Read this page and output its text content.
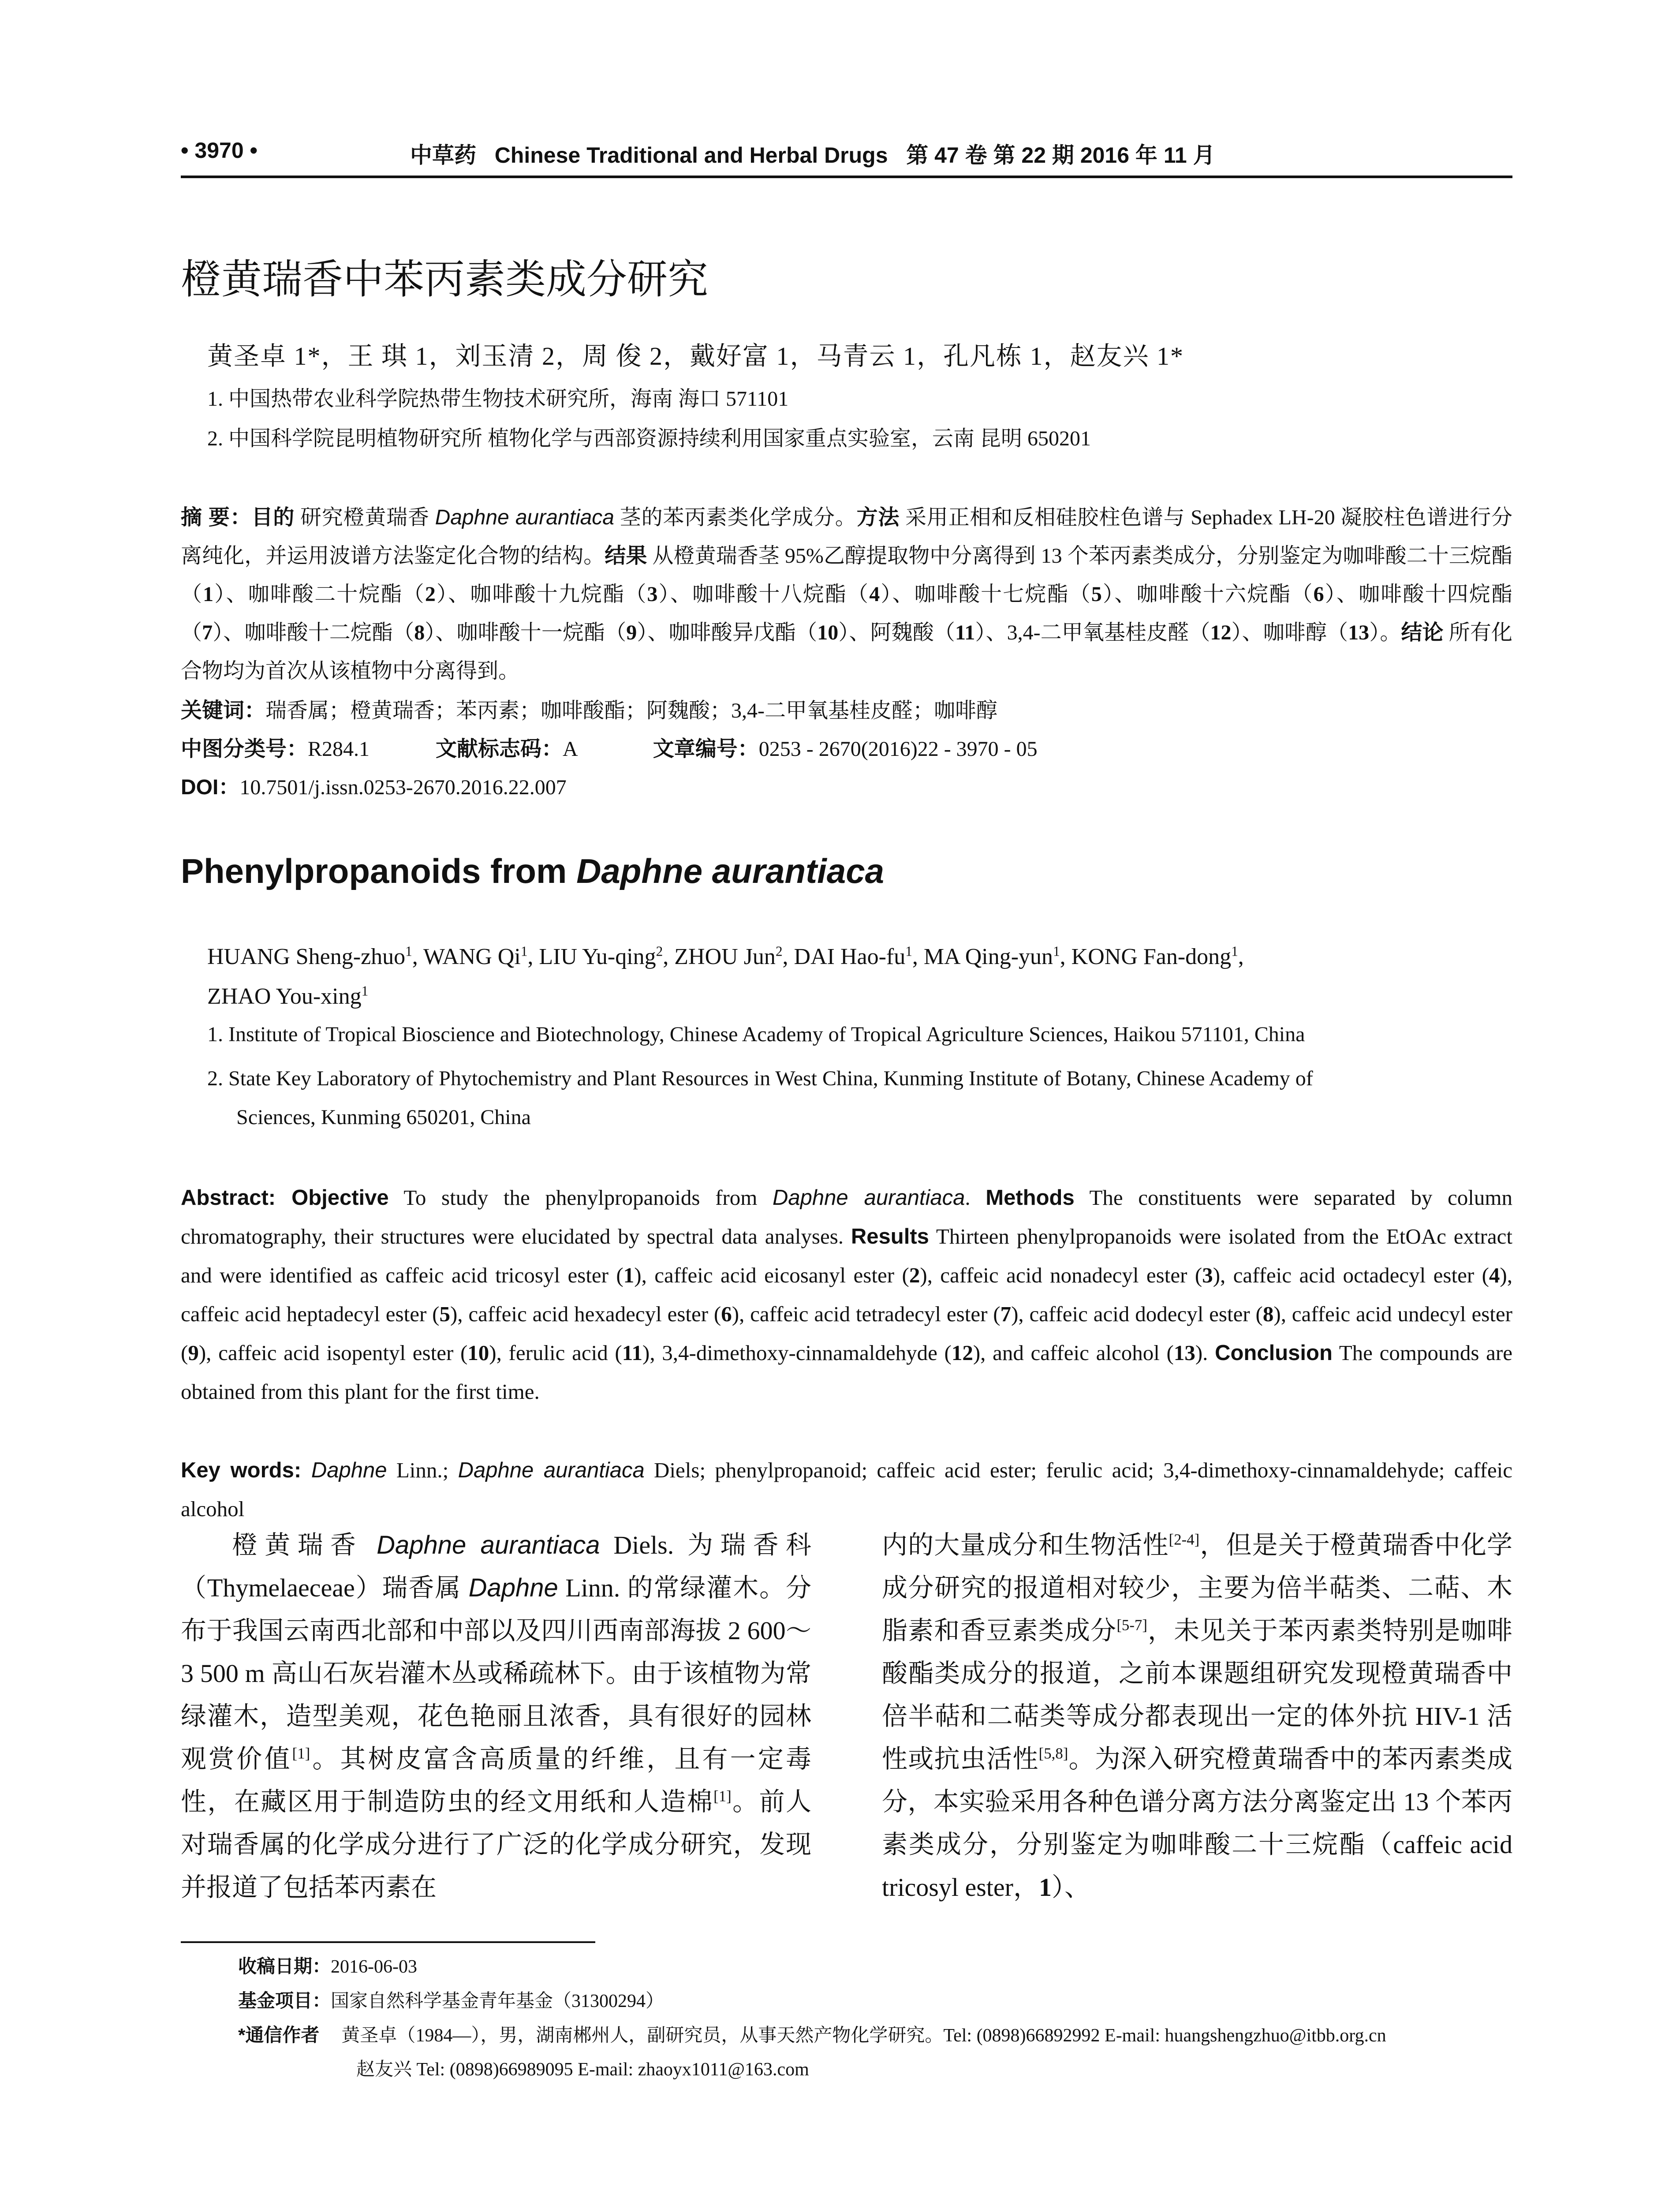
• 3970 •	中草药 Chinese Traditional and Herbal Drugs 第 47 卷 第 22 期 2016 年 11 月
橙黄瑞香中苯丙素类成分研究
黄圣卓 1*，王 琪 1，刘玉清 2，周 俊 2，戴好富 1，马青云 1，孔凡栋 1，赵友兴 1*
1. 中国热带农业科学院热带生物技术研究所，海南 海口 571101
2. 中国科学院昆明植物研究所 植物化学与西部资源持续利用国家重点实验室，云南 昆明 650201
摘 要：目的 研究橙黄瑞香 Daphne aurantiaca 茎的苯丙素类化学成分。方法 采用正相和反相硅胶柱色谱与 Sephadex LH-20 凝胶柱色谱进行分离纯化，并运用波谱方法鉴定化合物的结构。结果 从橙黄瑞香茎 95%乙醇提取物中分离得到 13 个苯丙素类成分，分别鉴定为咖啡酸二十三烷酯（1）、咖啡酸二十烷酯（2）、咖啡酸十九烷酯（3）、咖啡酸十八烷酯（4）、咖啡酸十七烷酯（5）、咖啡酸十六烷酯（6）、咖啡酸十四烷酯（7）、咖啡酸十二烷酯（8）、咖啡酸十一烷酯（9）、咖啡酸异戊酯（10）、阿魏酸（11）、3,4-二甲氧基桂皮醛（12）、咖啡醇（13）。结论 所有化合物均为首次从该植物中分离得到。
关键词：瑞香属；橙黄瑞香；苯丙素；咖啡酸酯；阿魏酸；3,4-二甲氧基桂皮醛；咖啡醇
中图分类号：R284.1	文献标志码：A	文章编号：0253 - 2670(2016)22 - 3970 - 05
DOI：10.7501/j.issn.0253-2670.2016.22.007
Phenylpropanoids from Daphne aurantiaca
HUANG Sheng-zhuo$^1$, WANG Qi$^1$, LIU Yu-qing$^2$, ZHOU Jun$^2$, DAI Hao-$fu^1$, MA Qing-yun$^1$, KONG Fan-dong$^1$,
ZHAO You-xing$^1$
1. Institute of Tropical Bioscience and Biotechnology, Chinese Academy of Tropical Agriculture Sciences, Haikou 571101, China
2. State Key Laboratory of Phytochemistry and Plant Resources in West China, Kunming Institute of Botany, Chinese Academy of
Sciences, Kunming 650201, China
Abstract: Objective To study the phenylpropanoids from Daphne aurantiaca. Methods The constituents were separated by column chromatography, their structures were elucidated by spectral data analyses. Results Thirteen phenylpropanoids were isolated from the EtOAc extract and were identified as caffeic acid tricosyl ester (1), caffeic acid eicosanyl ester (2), caffeic acid nonadecyl ester (3), caffeic acid octadecyl ester (4), caffeic acid heptadecyl ester (5), caffeic acid hexadecyl ester (6), caffeic acid tetradecyl ester (7), caffeic acid dodecyl ester (8), caffeic acid undecyl ester (9), caffeic acid isopentyl ester (10), ferulic acid (11), 3,4-dimethoxy-cinnamaldehyde (12), and caffeic alcohol (13). Conclusion The compounds are obtained from this plant for the first time.
Key words: Daphne Linn.; Daphne aurantiaca Diels; phenylpropanoid; caffeic acid ester; ferulic acid; 3,4-dimethoxy-cinnamaldehyde; caffeic alcohol
橙黄瑞香 Daphne aurantiaca Diels. 为瑞香科（Thymelaeceae）瑞香属 Daphne Linn. 的常绿灌木。分布于我国云南西北部和中部以及四川西南部海拔 2 600～3 500 m 高山石灰岩灌木丛或稀疏林下。由于该植物为常绿灌木，造型美观，花色艳丽且浓香，具有很好的园林观赏价值[1]。其树皮富含高质量的纤维，且有一定毒性，在藏区用于制造防虫的经文用纸和人造棉[1]。前人对瑞香属的化学成分进行了广泛的化学成分研究，发现并报道了包括苯丙素在
内的大量成分和生物活性[2-4]，但是关于橙黄瑞香中化学成分研究的报道相对较少，主要为倍半萜类、二萜、木脂素和香豆素类成分[5-7]，未见关于苯丙素类特别是咖啡酸酯类成分的报道，之前本课题组研究发现橙黄瑞香中倍半萜和二萜类等成分都表现出一定的体外抗 HIV-1 活性或抗虫活性[5,8]。为深入研究橙黄瑞香中的苯丙素类成分，本实验采用各种色谱分离方法分离鉴定出 13 个苯丙素类成分，分别鉴定为咖啡酸二十三烷酯（caffeic acid tricosyl ester，1）、
收稿日期：2016-06-03
基金项目：国家自然科学基金青年基金（31300294）
*通信作者 黄圣卓（1984—），男，湖南郴州人，副研究员，从事天然产物化学研究。Tel: (0898)66892992 E-mail: huangshengzhuo@itbb.org.cn
赵友兴 Tel: (0898)66989095 E-mail: zhaoyx1011@163.com
